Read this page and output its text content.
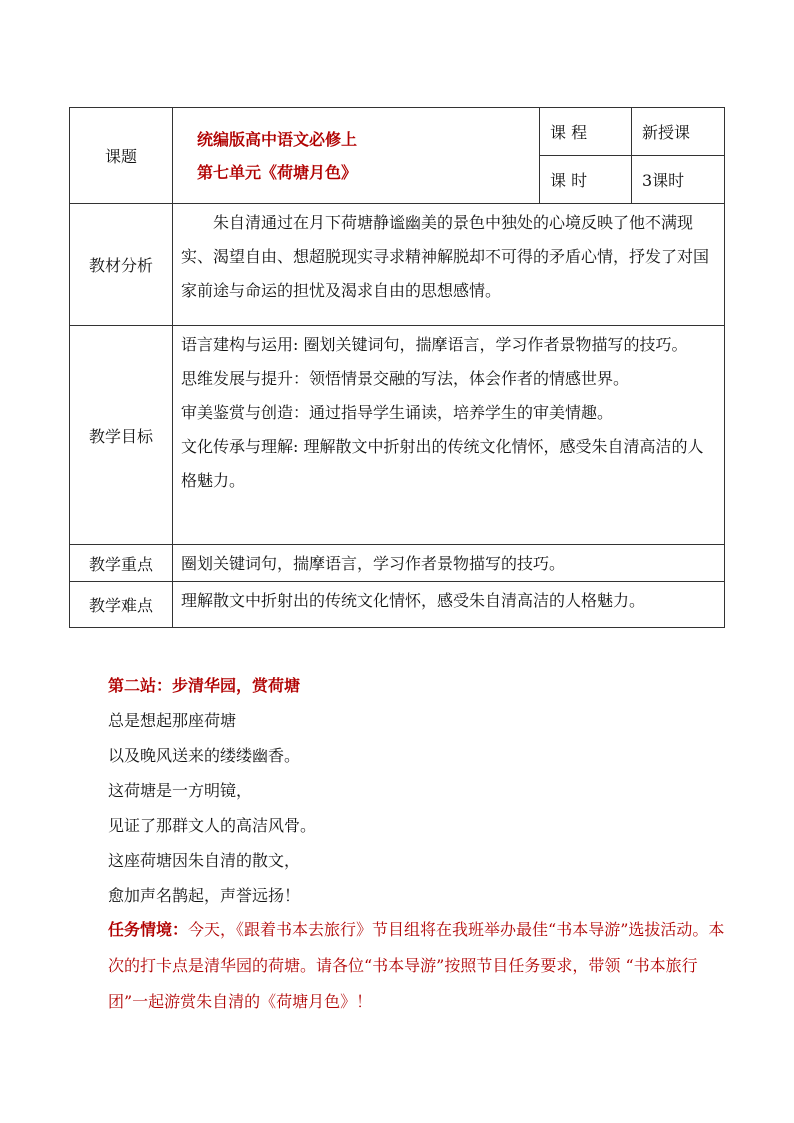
课题	统编版高中语文必修上
第七单元《荷塘月色》	课 程	新授课
		课 时	3课时
教材分析	朱自清通过在月下荷塘静谧幽美的景色中独处的心境反映了他不满现实、渴望自由、想超脱现实寻求精神解脱却不可得的矛盾心情，抒发了对国家前途与命运的担忧及渴求自由的思想感情。		

教学目标	语言建构与运用: 圈划关键词句，揣摩语言，学习作者景物描写的技巧。
思维发展与提升：领悟情景交融的写法，体会作者的情感世界。
审美鉴赏与创造：通过指导学生诵读，培养学生的审美情趣。
文化传承与理解: 理解散文中折射出的传统文化情怀，感受朱自清高洁的人格魅力。		

教学重点	圈划关键词句，揣摩语言，学习作者景物描写的技巧。		
教学难点	理解散文中折射出的传统文化情怀，感受朱自清高洁的人格魅力。		
第二站：步清华园，赏荷塘
总是想起那座荷塘
以及晚风送来的缕缕幽香。
这荷塘是一方明镜，
见证了那群文人的高洁风骨。
这座荷塘因朱自清的散文，
愈加声名鹊起，声誉远扬！
任务情境：今天，《跟着书本去旅行》节目组将在我班举办最佳“书本导游”选拔活动。本次的打卡点是清华园的荷塘。请各位“书本导游”按照节目任务要求，带领 “书本旅行团”一起游赏朱自清的《荷塘月色》！
